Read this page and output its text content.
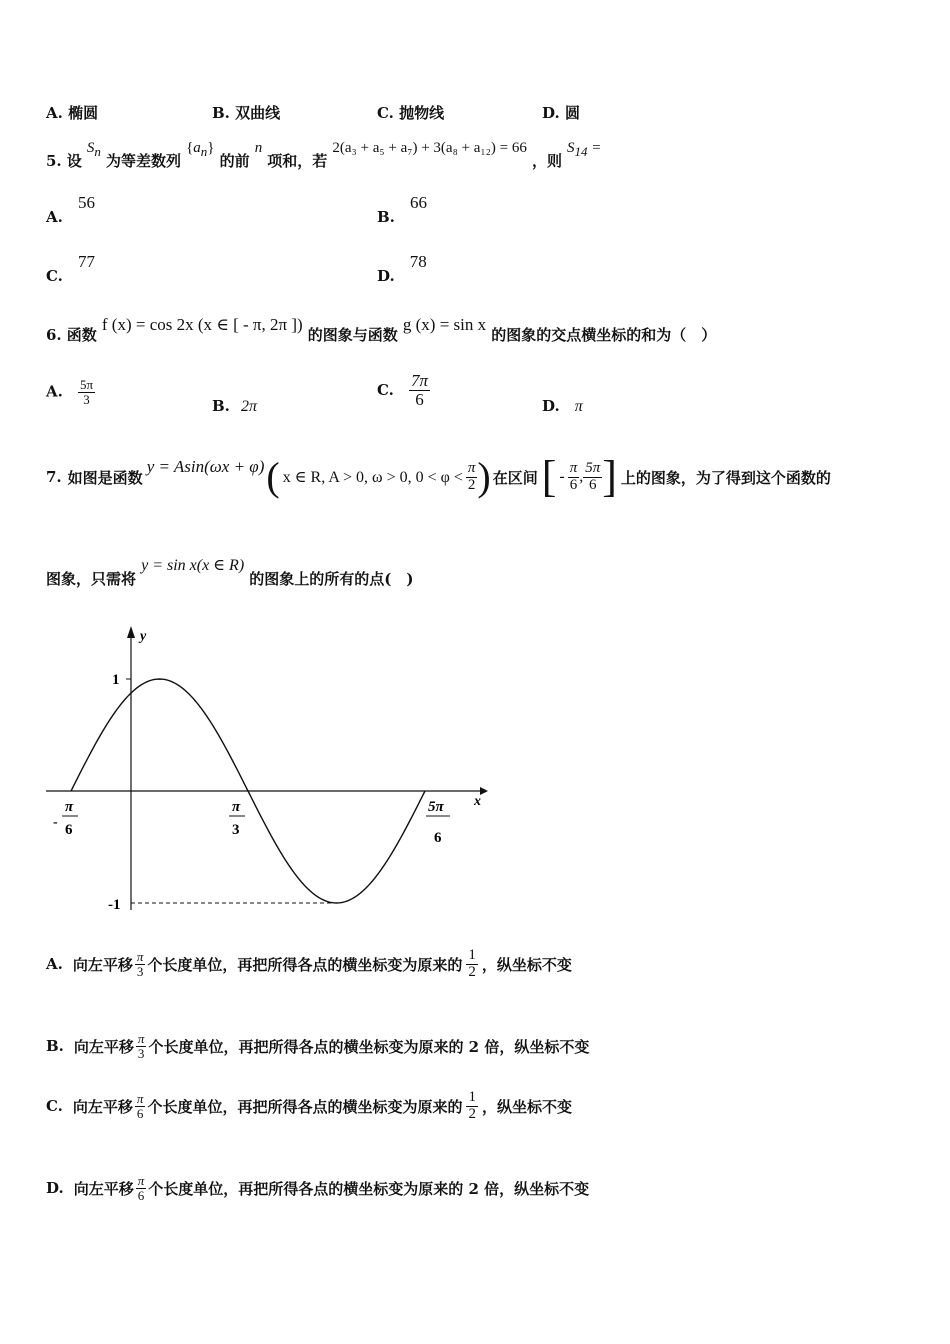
A. 椭圆	B. 双曲线	C. 抛物线	D. 圆
5. 设 $S_n$ 为等差数列 $\{a_n\}$ 的前 n 项和，若 2(a₃ + a₅ + a₇) + 3(a₈ + a₁₂) = 66 ，则 $S_{14}$ =
A. 56
B. 66
C. 77
D. 78
6. 函数 f (x) = cos 2x (x ∈ [ - π, 2π ]) 的图象与函数 g (x) = sin x 的图象的交点横坐标的和为（　）
A. $\frac{5\pi}{3}$	B. 2π
C. $\frac{7\pi}{6}$	D. π
7. 如图是函数
y = Asin(ωx + φ) ( x ∈ R, A > 0, ω > 0, $0 < \varphi < \frac{\pi}{2}$ ) 在区间 [ - $\frac{\pi}{6}$ , $\frac{5\pi}{6}$ ] 上的图象，为了得到这个函数的
图象，只需将 y = sin x(x ∈ R) 的图象上的所有的点(　)
y
x
1
-1
-
π
6
π
3
5π
6
A. 向左平移 $\frac{\pi}{3}$ 个长度单位，再把所得各点的横坐标变为原来的 $\frac{1}{2}$ ，纵坐标不变
B. 向左平移 $\frac{\pi}{3}$ 个长度单位，再把所得各点的横坐标变为原来的 2 倍，纵坐标不变
C. 向左平移 $\frac{\pi}{6}$ 个长度单位，再把所得各点的横坐标变为原来的 $\frac{1}{2}$ ，纵坐标不变
D. 向左平移 $\frac{\pi}{6}$ 个长度单位，再把所得各点的横坐标变为原来的 2 倍，纵坐标不变
